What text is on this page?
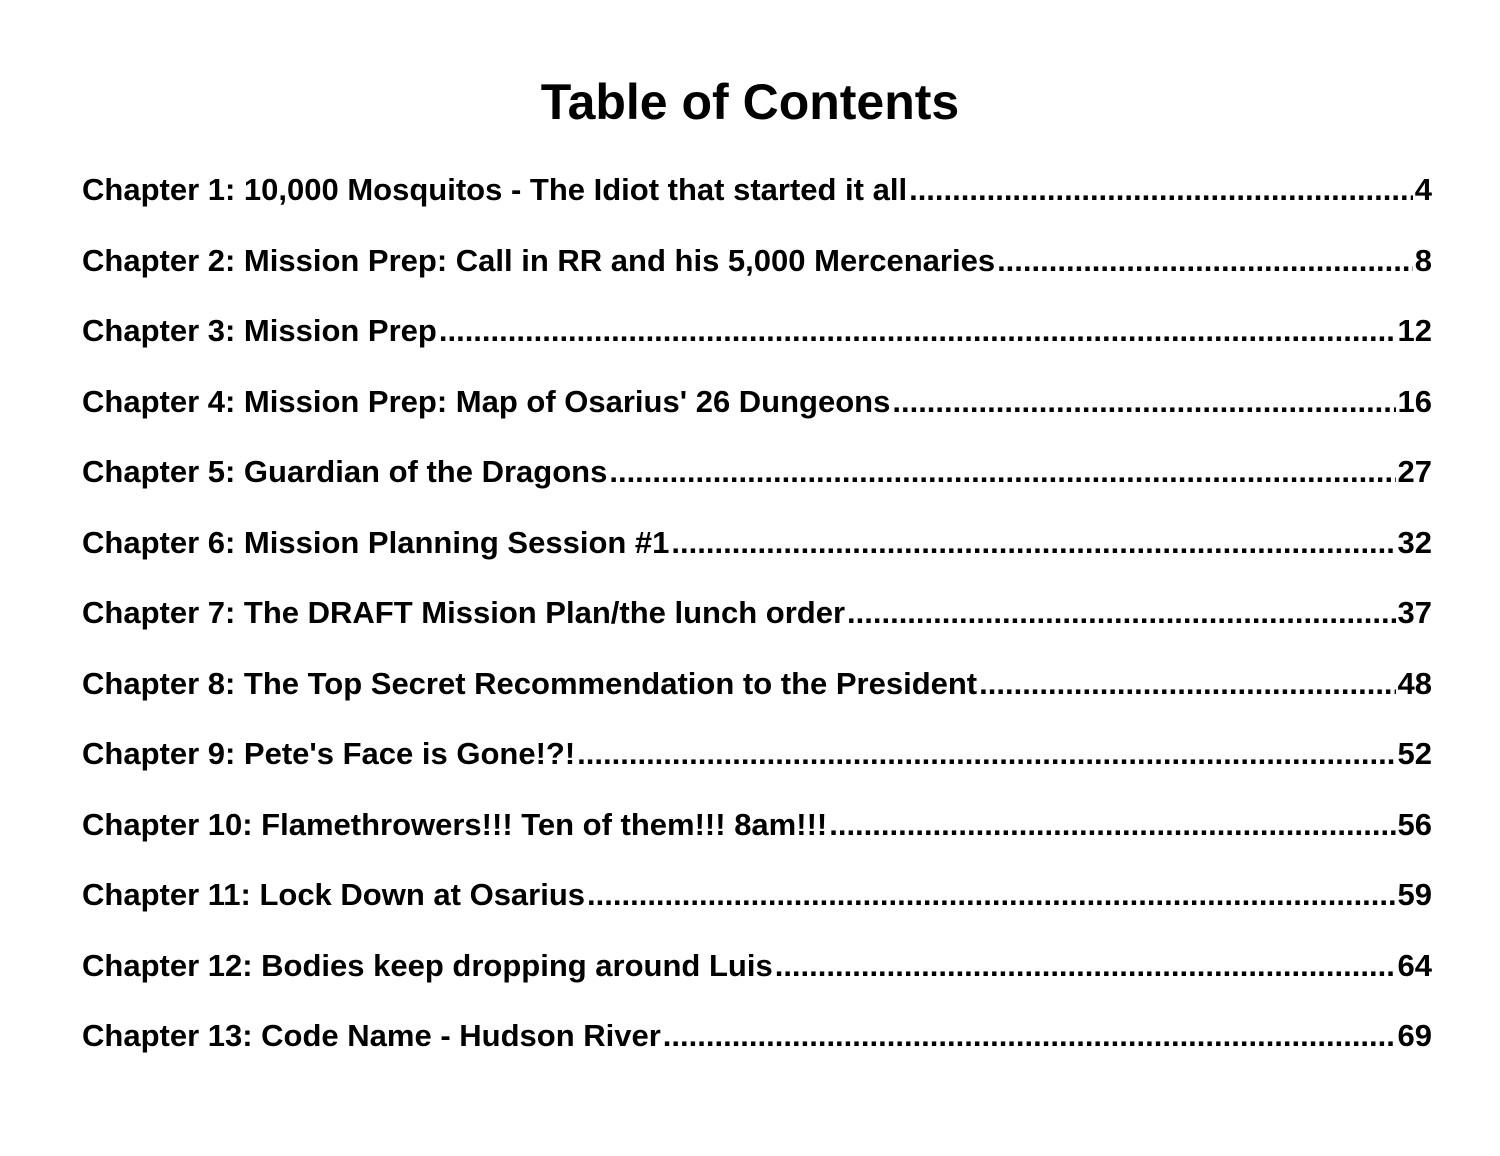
Table of Contents
Chapter 1: 10,000 Mosquitos - The Idiot that started it all .....	4
Chapter 2: Mission Prep: Call in RR and his 5,000 Mercenaries .....	8
Chapter 3: Mission Prep .....	12
Chapter 4: Mission Prep: Map of Osarius' 26 Dungeons .....	16
Chapter 5: Guardian of the Dragons .....	27
Chapter 6: Mission Planning Session #1 .....	32
Chapter 7: The DRAFT Mission Plan/the lunch order .....	37
Chapter 8: The Top Secret Recommendation to the President .....	48
Chapter 9: Pete's Face is Gone!?! .....	52
Chapter 10: Flamethrowers!!! Ten of them!!! 8am!!! .....	56
Chapter 11: Lock Down at Osarius .....	59
Chapter 12: Bodies keep dropping around Luis .....	64
Chapter 13: Code Name - Hudson River .....	69
